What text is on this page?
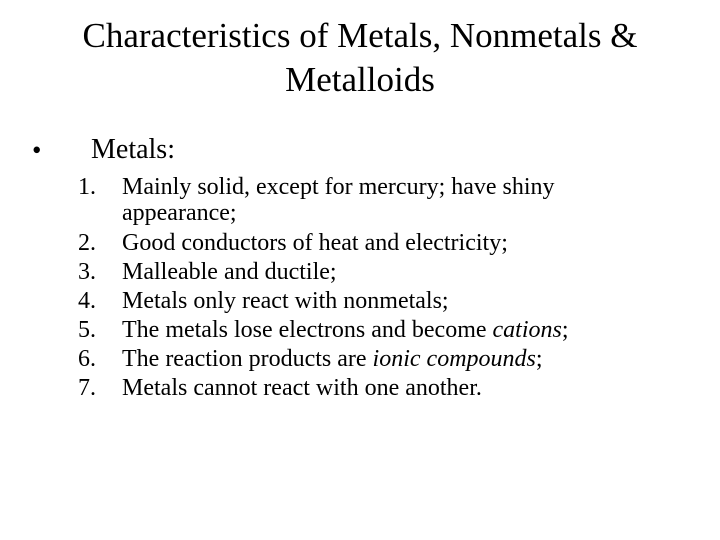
Characteristics of Metals, Nonmetals &
Metalloids
• Metals:
1.	Mainly solid, except for mercury; have shiny
appearance;
2.	Good conductors of heat and electricity;
3.	Malleable and ductile;
4.	Metals only react with nonmetals;
5.	The metals lose electrons and become cations;
6.	The reaction products are ionic compounds;
7.	Metals cannot react with one another.
